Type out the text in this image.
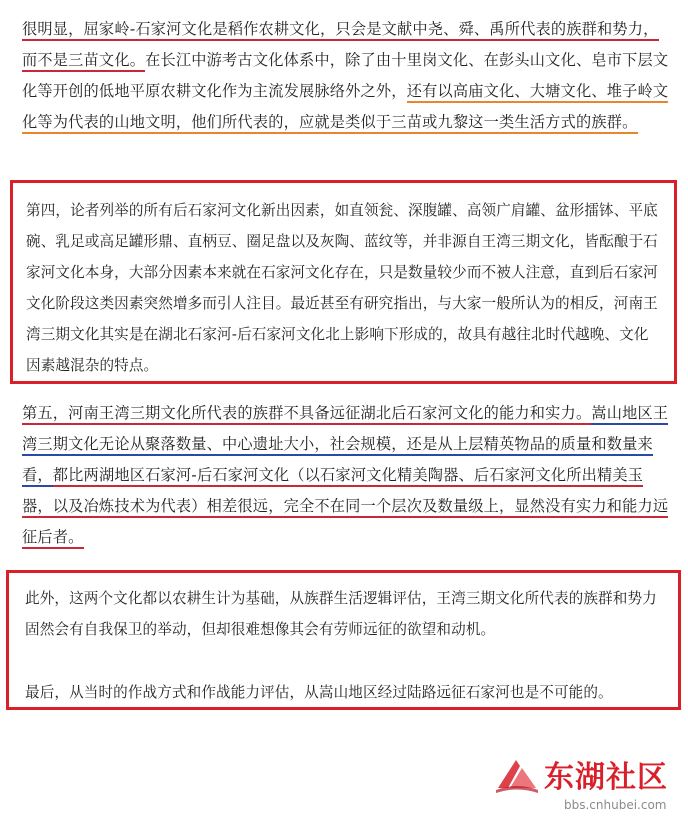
很明显，屈家岭-石家河文化是稻作农耕文化，只会是文献中尧、舜、禹所代表的族群和势力，而不是三苗文化。在长江中游考古文化体系中，除了由十里岗文化、在彭头山文化、皂市下层文化等开创的低地平原农耕文化作为主流发展脉络外之外，还有以高庙文化、大塘文化、堆子岭文化等为代表的山地文明，他们所代表的，应就是类似于三苗或九黎这一类生活方式的族群。
第四，论者列举的所有后石家河文化新出因素，如直领瓮、深腹罐、高领广肩罐、盆形擂钵、平底碗、乳足或高足罐形鼎、直柄豆、圈足盘以及灰陶、蓝纹等，并非源自王湾三期文化，皆酝酿于石家河文化本身，大部分因素本来就在石家河文化存在，只是数量较少而不被人注意，直到后石家河文化阶段这类因素突然增多而引人注目。最近甚至有研究指出，与大家一般所认为的相反，河南王湾三期文化其实是在湖北石家河-后石家河文化北上影响下形成的，故具有越往北时代越晚、文化因素越混杂的特点。
第五，河南王湾三期文化所代表的族群不具备远征湖北后石家河文化的能力和实力。嵩山地区王湾三期文化无论从聚落数量、中心遗址大小，社会规模，还是从上层精英物品的质量和数量来看，都比两湖地区石家河-后石家河文化（以石家河文化精美陶器、后石家河文化所出精美玉器，以及冶炼技术为代表）相差很远，完全不在同一个层次及数量级上，显然没有实力和能力远征后者。

此外，这两个文化都以农耕生计为基础，从族群生活逻辑评估，王湾三期文化所代表的族群和势力固然会有自我保卫的举动，但却很难想像其会有劳师远征的欲望和动机。

最后，从当时的作战方式和作战能力评估，从嵩山地区经过陆路远征石家河也是不可能的。

东湖社区
bbs.cnhubei.com
